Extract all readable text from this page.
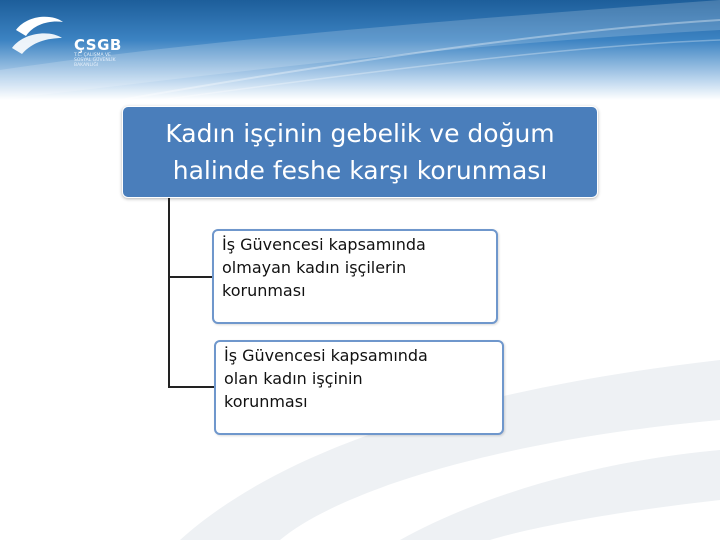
ÇSGB
T.C. ÇALIŞMA VE SOSYAL GÜVENLİK BAKANLIĞI
Kadın işçinin gebelik ve doğum
halinde feshe karşı korunması
İş Güvencesi kapsamında
olmayan kadın işçilerin
korunması
İş Güvencesi kapsamında
olan kadın işçinin
korunması
